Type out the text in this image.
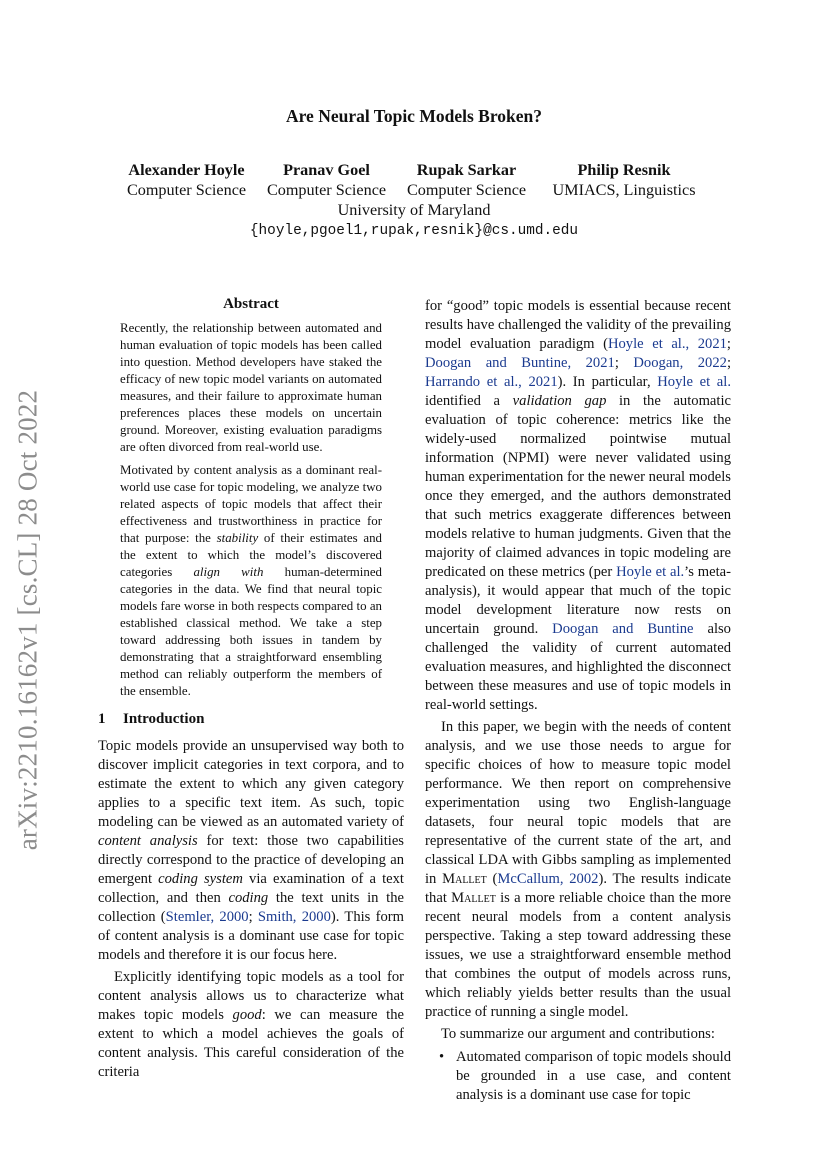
arXiv:2210.16162v1 [cs.CL] 28 Oct 2022
Are Neural Topic Models Broken?
Alexander Hoyle
Computer Science
Pranav Goel
Computer Science
Rupak Sarkar
Computer Science
Philip Resnik
UMIACS, Linguistics
University of Maryland
{hoyle,pgoel1,rupak,resnik}@cs.umd.edu
Abstract

Recently, the relationship between automated and human evaluation of topic models has been called into question. Method developers have staked the efficacy of new topic model variants on automated measures, and their failure to approximate human preferences places these models on uncertain ground. Moreover, existing evaluation paradigms are often divorced from real-world use.

Motivated by content analysis as a dominant real-world use case for topic modeling, we analyze two related aspects of topic models that affect their effectiveness and trustworthiness in practice for that purpose: the stability of their estimates and the extent to which the model’s discovered categories align with human-determined categories in the data. We find that neural topic models fare worse in both respects compared to an established classical method. We take a step toward addressing both issues in tandem by demonstrating that a straightforward ensembling method can reliably outperform the members of the ensemble.

1 Introduction

Topic models provide an unsupervised way both to discover implicit categories in text corpora, and to estimate the extent to which any given category applies to a specific text item. As such, topic modeling can be viewed as an automated variety of content analysis for text: those two capabilities directly correspond to the practice of developing an emergent coding system via examination of a text collection, and then coding the text units in the collection (Stemler, 2000; Smith, 2000). This form of content analysis is a dominant use case for topic models and therefore it is our focus here.

Explicitly identifying topic models as a tool for content analysis allows us to characterize what makes topic models good: we can measure the extent to which a model achieves the goals of content analysis. This careful consideration of the criteria

for “good” topic models is essential because recent results have challenged the validity of the prevailing model evaluation paradigm (Hoyle et al., 2021; Doogan and Buntine, 2021; Doogan, 2022; Harrando et al., 2021). In particular, Hoyle et al. identified a validation gap in the automatic evaluation of topic coherence: metrics like the widely-used normalized pointwise mutual information (NPMI) were never validated using human experimentation for the newer neural models once they emerged, and the authors demonstrated that such metrics exaggerate differences between models relative to human judgments. Given that the majority of claimed advances in topic modeling are predicated on these metrics (per Hoyle et al.’s meta-analysis), it would appear that much of the topic model development literature now rests on uncertain ground. Doogan and Buntine also challenged the validity of current automated evaluation measures, and highlighted the disconnect between these measures and use of topic models in real-world settings.

In this paper, we begin with the needs of content analysis, and we use those needs to argue for specific choices of how to measure topic model performance. We then report on comprehensive experimentation using two English-language datasets, four neural topic models that are representative of the current state of the art, and classical LDA with Gibbs sampling as implemented in Mallet (McCallum, 2002). The results indicate that Mallet is a more reliable choice than the more recent neural models from a content analysis perspective. Taking a step toward addressing these issues, we use a straightforward ensemble method that combines the output of models across runs, which reliably yields better results than the usual practice of running a single model.

To summarize our argument and contributions:

• Automated comparison of topic models should be grounded in a use case, and content analysis is a dominant use case for topic
